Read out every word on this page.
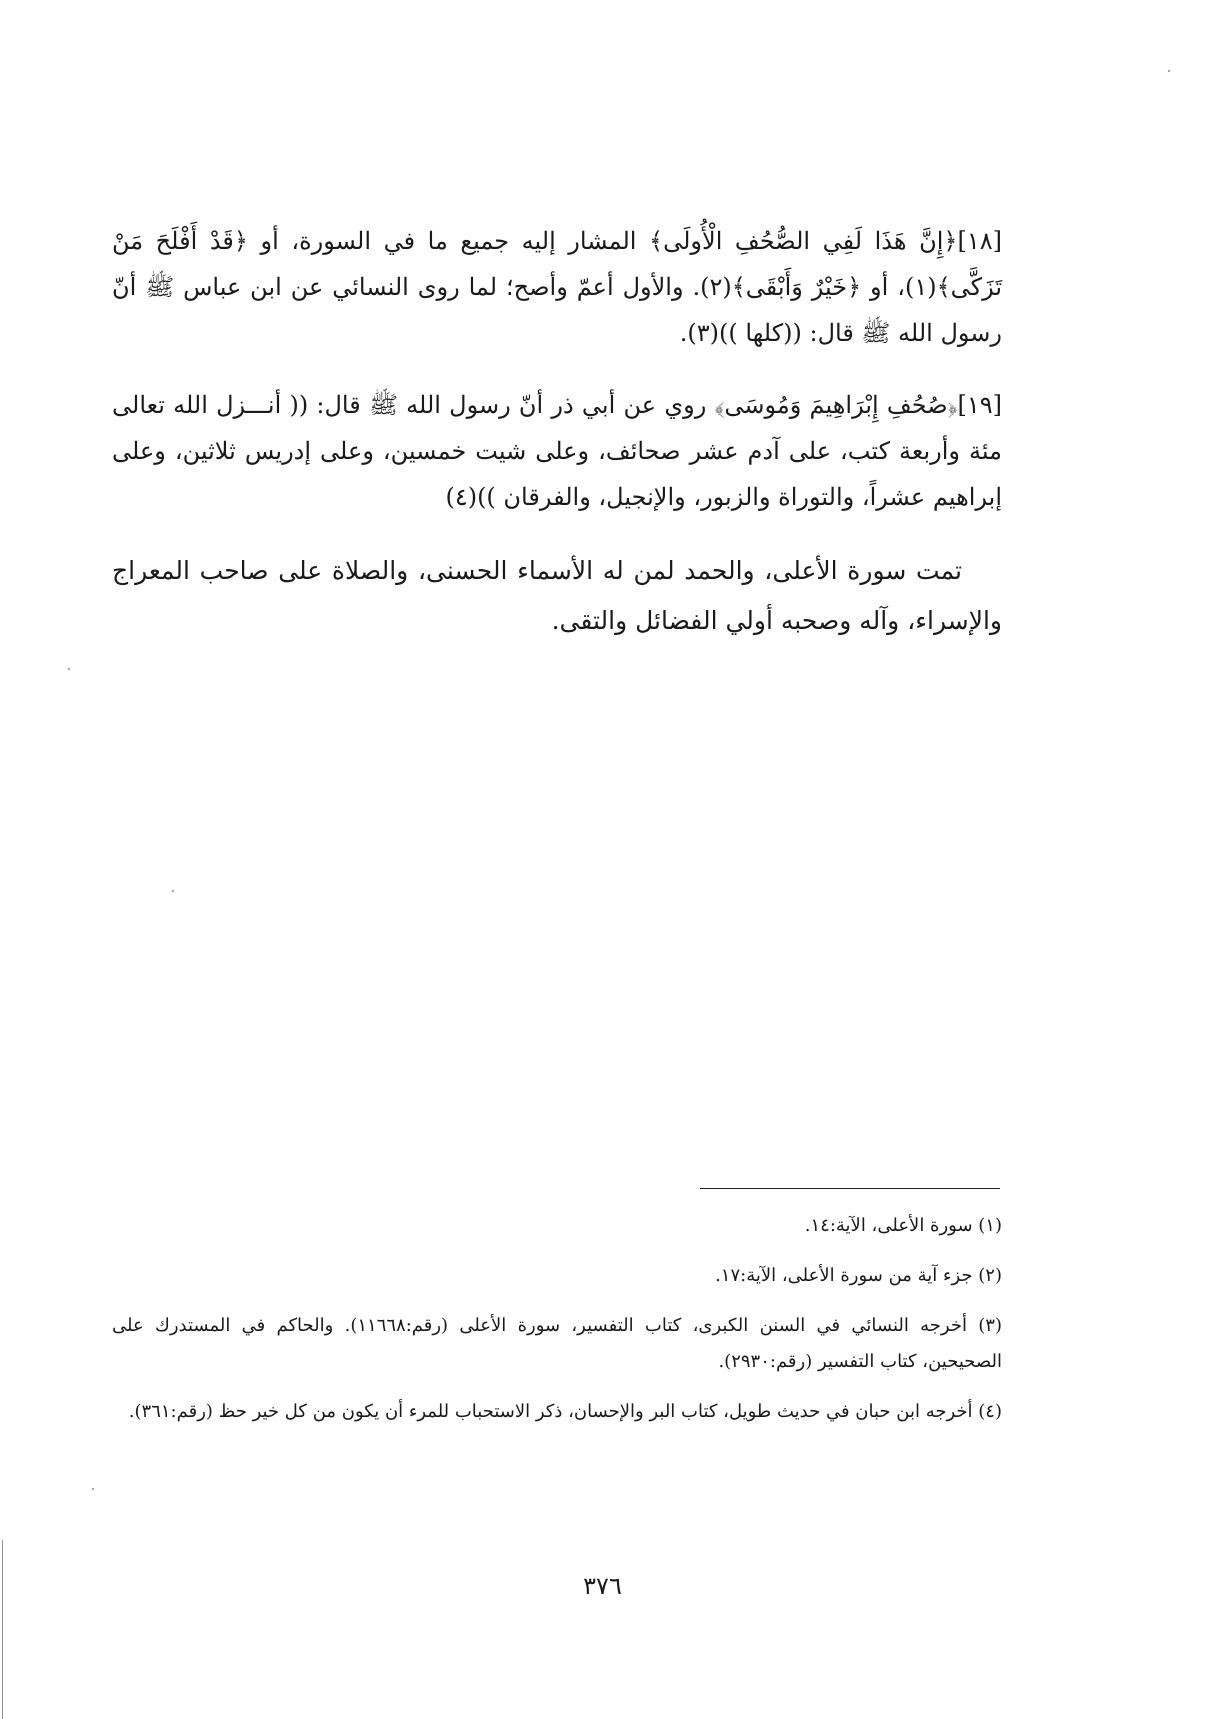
[١٨]﴿إِنَّ هَذَا لَفِي الصُّحُفِ الْأُولَى﴾ المشار إليه جميع ما في السورة، أو ﴿قَدْ أَفْلَحَ مَنْ تَزَكَّى﴾(١)، أو ﴿خَيْرٌ وَأَبْقَى﴾(٢). والأول أعمّ وأصح؛ لما روى النسائي عن ابن عباس ﷺ أنّ رسول الله ﷺ قال: ((كلها ))(٣).

[١٩]﴿صُحُفِ إِبْرَاهِيمَ وَمُوسَى﴾ روي عن أبي ذر أنّ رسول الله ﷺ قال: (( أنـــزل الله تعالى مئة وأربعة كتب، على آدم عشر صحائف، وعلى شيت خمسين، وعلى إدريس ثلاثين، وعلى إبراهيم عشراً، والتوراة والزبور، والإنجيل، والفرقان ))(٤)

تمت سورة الأعلى، والحمد لمن له الأسماء الحسنى، والصلاة على صاحب المعراج والإسراء، وآله وصحبه أولي الفضائل والتقى.

(١) سورة الأعلى، الآية:١٤.

(٢) جزء آية من سورة الأعلى، الآية:١٧.

(٣) أخرجه النسائي في السنن الكبرى، كتاب التفسير، سورة الأعلى (رقم:١١٦٦٨). والحاكم في المستدرك على الصحيحين، كتاب التفسير (رقم:٢٩٣٠).

(٤) أخرجه ابن حبان في حديث طويل، كتاب البر والإحسان، ذكر الاستحباب للمرء أن يكون من كل خير حظ (رقم:٣٦١).

٣٧٦
